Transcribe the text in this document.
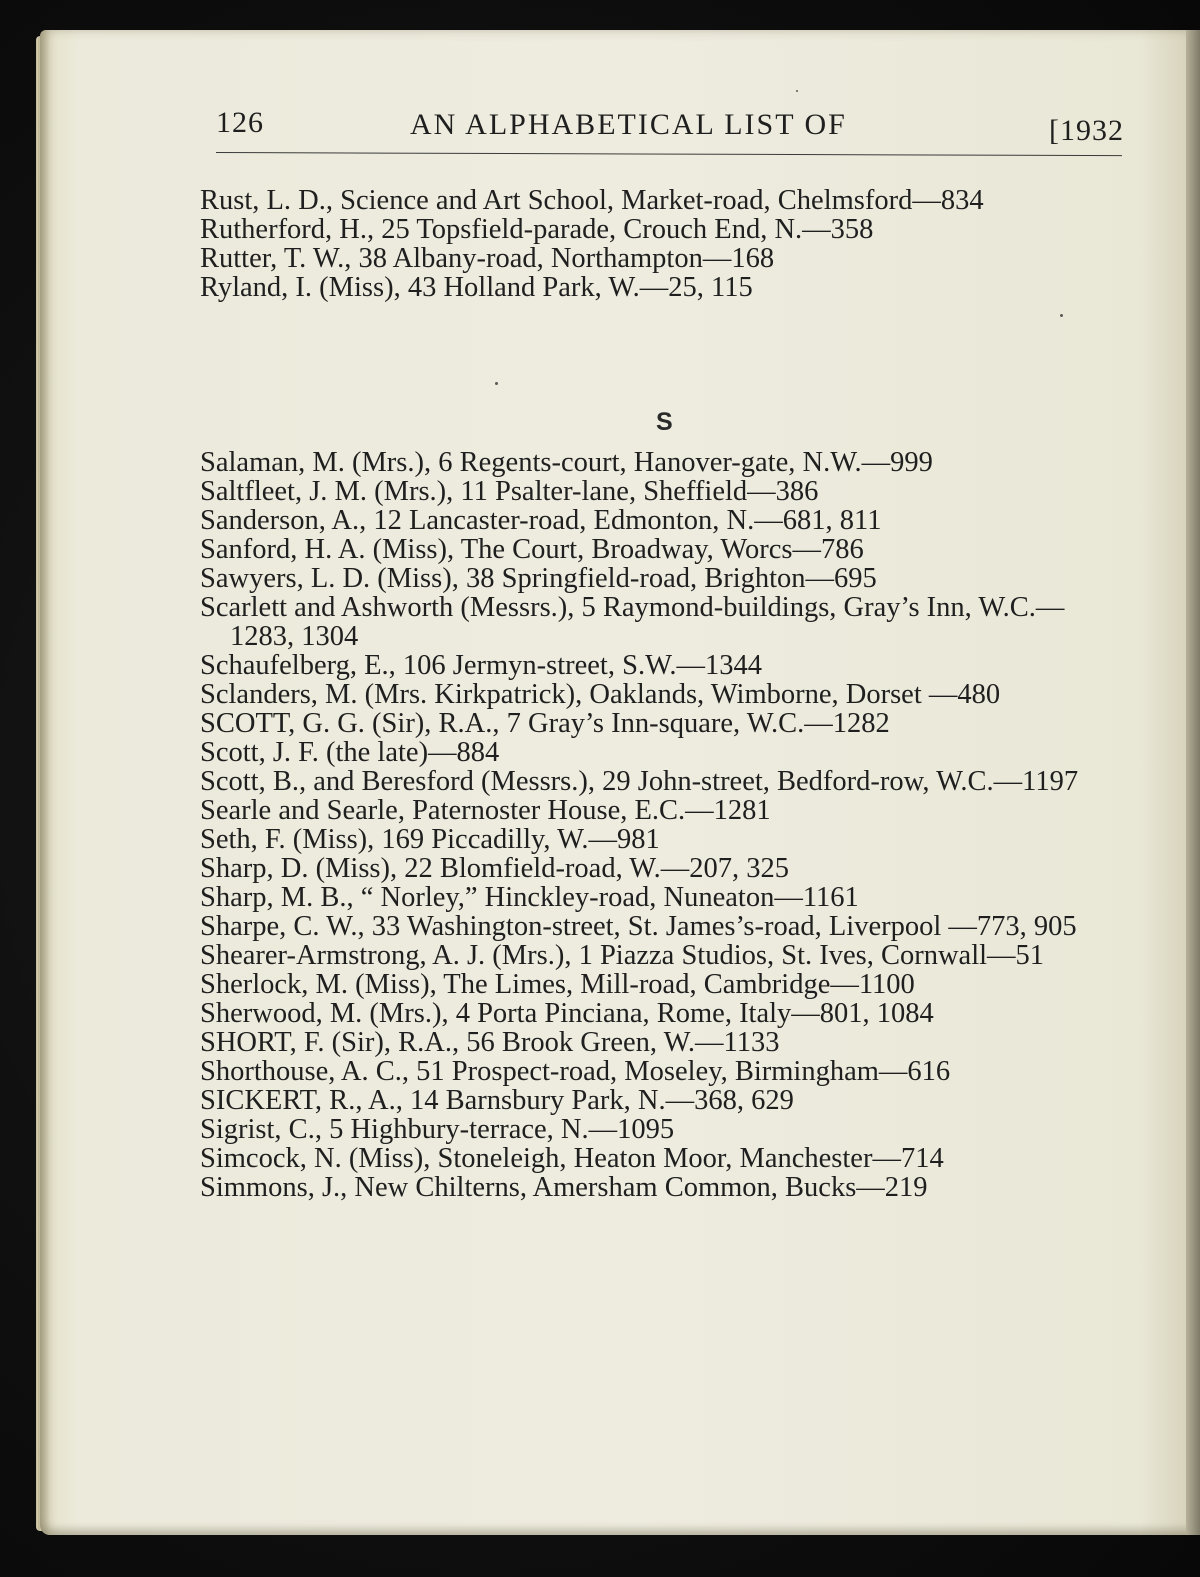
126	AN ALPHABETICAL LIST OF	[1932
Rust, L. D., Science and Art School, Market-road, Chelmsford—834
Rutherford, H., 25 Topsfield-parade, Crouch End, N.—358
Rutter, T. W., 38 Albany-road, Northampton—168
Ryland, I. (Miss), 43 Holland Park, W.—25, 115
S
Salaman, M. (Mrs.), 6 Regents-court, Hanover-gate, N.W.—999
Saltfleet, J. M. (Mrs.), 11 Psalter-lane, Sheffield—386
Sanderson, A., 12 Lancaster-road, Edmonton, N.—681, 811
Sanford, H. A. (Miss), The Court, Broadway, Worcs—786
Sawyers, L. D. (Miss), 38 Springfield-road, Brighton—695
Scarlett and Ashworth (Messrs.), 5 Raymond-buildings, Gray’s Inn, W.C.—1283, 1304
Schaufelberg, E., 106 Jermyn-street, S.W.—1344
Sclanders, M. (Mrs. Kirkpatrick), Oaklands, Wimborne, Dorset —480
SCOTT, G. G. (Sir), R.A., 7 Gray’s Inn-square, W.C.—1282
Scott, J. F. (the late)—884
Scott, B., and Beresford (Messrs.), 29 John-street, Bedford-row, W.C.—1197
Searle and Searle, Paternoster House, E.C.—1281
Seth, F. (Miss), 169 Piccadilly, W.—981
Sharp, D. (Miss), 22 Blomfield-road, W.—207, 325
Sharp, M. B., “ Norley,” Hinckley-road, Nuneaton—1161
Sharpe, C. W., 33 Washington-street, St. James’s-road, Liverpool —773, 905
Shearer-Armstrong, A. J. (Mrs.), 1 Piazza Studios, St. Ives, Cornwall—51
Sherlock, M. (Miss), The Limes, Mill-road, Cambridge—1100
Sherwood, M. (Mrs.), 4 Porta Pinciana, Rome, Italy—801, 1084
SHORT, F. (Sir), R.A., 56 Brook Green, W.—1133
Shorthouse, A. C., 51 Prospect-road, Moseley, Birmingham—616
SICKERT, R., A., 14 Barnsbury Park, N.—368, 629
Sigrist, C., 5 Highbury-terrace, N.—1095
Simcock, N. (Miss), Stoneleigh, Heaton Moor, Manchester—714
Simmons, J., New Chilterns, Amersham Common, Bucks—219
